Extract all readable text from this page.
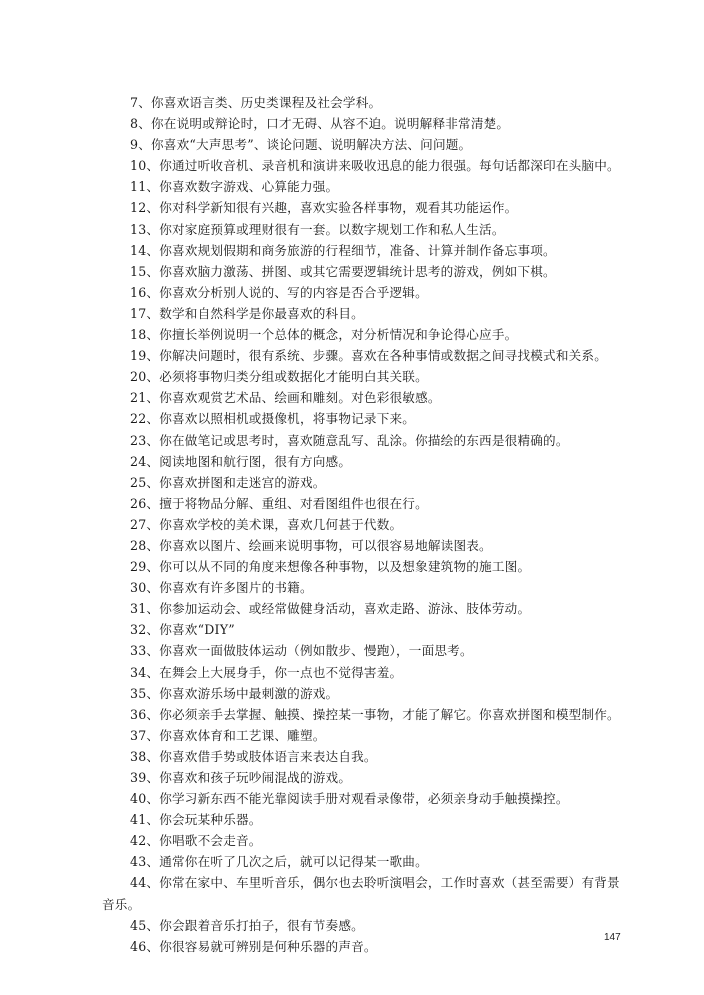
7、你喜欢语言类、历史类课程及社会学科。
8、你在说明或辩论时，口才无碍、从容不迫。说明解释非常清楚。
9、你喜欢“大声思考”、谈论问题、说明解决方法、问问题。
10、你通过听收音机、录音机和演讲来吸收迅息的能力很强。每句话都深印在头脑中。
11、你喜欢数字游戏、心算能力强。
12、你对科学新知很有兴趣，喜欢实验各样事物，观看其功能运作。
13、你对家庭预算或理财很有一套。以数字规划工作和私人生活。
14、你喜欢规划假期和商务旅游的行程细节，准备、计算并制作备忘事项。
15、你喜欢脑力激荡、拼图、或其它需要逻辑统计思考的游戏，例如下棋。
16、你喜欢分析别人说的、写的内容是否合乎逻辑。
17、数学和自然科学是你最喜欢的科目。
18、你擅长举例说明一个总体的概念，对分析情况和争论得心应手。
19、你解决问题时，很有系统、步骤。喜欢在各种事情或数据之间寻找模式和关系。
20、必须将事物归类分组或数据化才能明白其关联。
21、你喜欢观赏艺术品、绘画和雕刻。对色彩很敏感。
22、你喜欢以照相机或摄像机，将事物记录下来。
23、你在做笔记或思考时，喜欢随意乱写、乱涂。你描绘的东西是很精确的。
24、阅读地图和航行图，很有方向感。
25、你喜欢拼图和走迷宫的游戏。
26、擅于将物品分解、重组、对看图组件也很在行。
27、你喜欢学校的美术课，喜欢几何甚于代数。
28、你喜欢以图片、绘画来说明事物，可以很容易地解读图表。
29、你可以从不同的角度来想像各种事物，以及想象建筑物的施工图。
30、你喜欢有许多图片的书籍。
31、你参加运动会、或经常做健身活动，喜欢走路、游泳、肢体劳动。
32、你喜欢“DIY”
33、你喜欢一面做肢体运动（例如散步、慢跑），一面思考。
34、在舞会上大展身手，你一点也不觉得害羞。
35、你喜欢游乐场中最刺激的游戏。
36、你必须亲手去掌握、触摸、操控某一事物，才能了解它。你喜欢拼图和模型制作。
37、你喜欢体育和工艺课、雕塑。
38、你喜欢借手势或肢体语言来表达自我。
39、你喜欢和孩子玩吵闹混战的游戏。
40、你学习新东西不能光靠阅读手册对观看录像带，必须亲身动手触摸操控。
41、你会玩某种乐器。
42、你唱歌不会走音。
43、通常你在听了几次之后，就可以记得某一歌曲。
44、你常在家中、车里听音乐，偶尔也去聆听演唱会，工作时喜欢（甚至需要）有背景音乐。
45、你会跟着音乐打拍子，很有节奏感。
46、你很容易就可辨别是何种乐器的声音。
147
